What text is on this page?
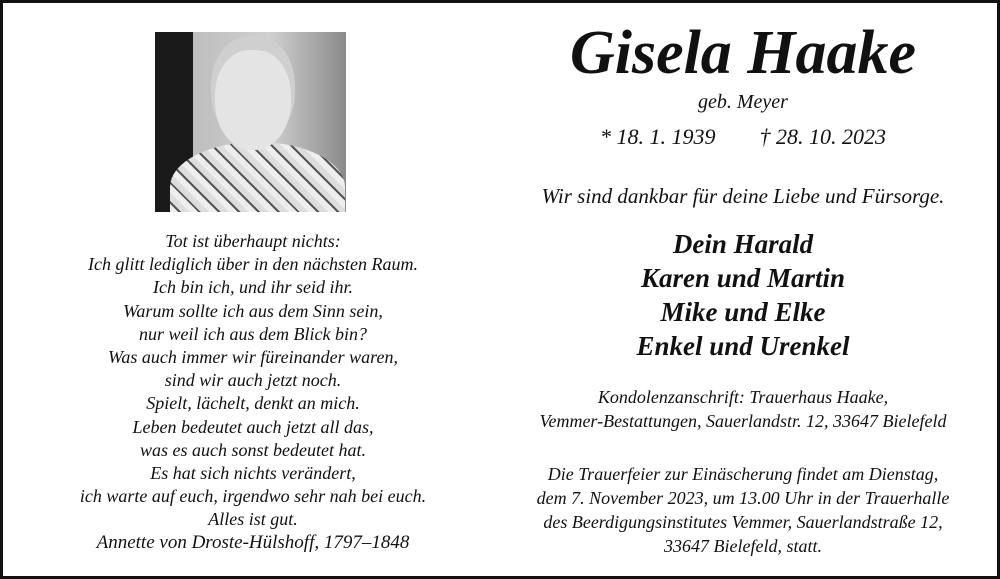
Tot ist überhaupt nichts:
Ich glitt lediglich über in den nächsten Raum.
Ich bin ich, und ihr seid ihr.
Warum sollte ich aus dem Sinn sein,
nur weil ich aus dem Blick bin?
Was auch immer wir füreinander waren,
sind wir auch jetzt noch.
Spielt, lächelt, denkt an mich.
Leben bedeutet auch jetzt all das,
was es auch sonst bedeutet hat.
Es hat sich nichts verändert,
ich warte auf euch, irgendwo sehr nah bei euch.
Alles ist gut.
Annette von Droste-Hülshoff, 1797–1848
Gisela Haake
geb. Meyer
* 18. 1. 1939 † 28. 10. 2023
Wir sind dankbar für deine Liebe und Fürsorge.
Dein Harald
Karen und Martin
Mike und Elke
Enkel und Urenkel
Kondolenzanschrift: Trauerhaus Haake,
Vemmer-Bestattungen, Sauerlandstr. 12, 33647 Bielefeld
Die Trauerfeier zur Einäscherung findet am Dienstag,
dem 7. November 2023, um 13.00 Uhr in der Trauerhalle
des Beerdigungsinstitutes Vemmer, Sauerlandstraße 12,
33647 Bielefeld, statt.
